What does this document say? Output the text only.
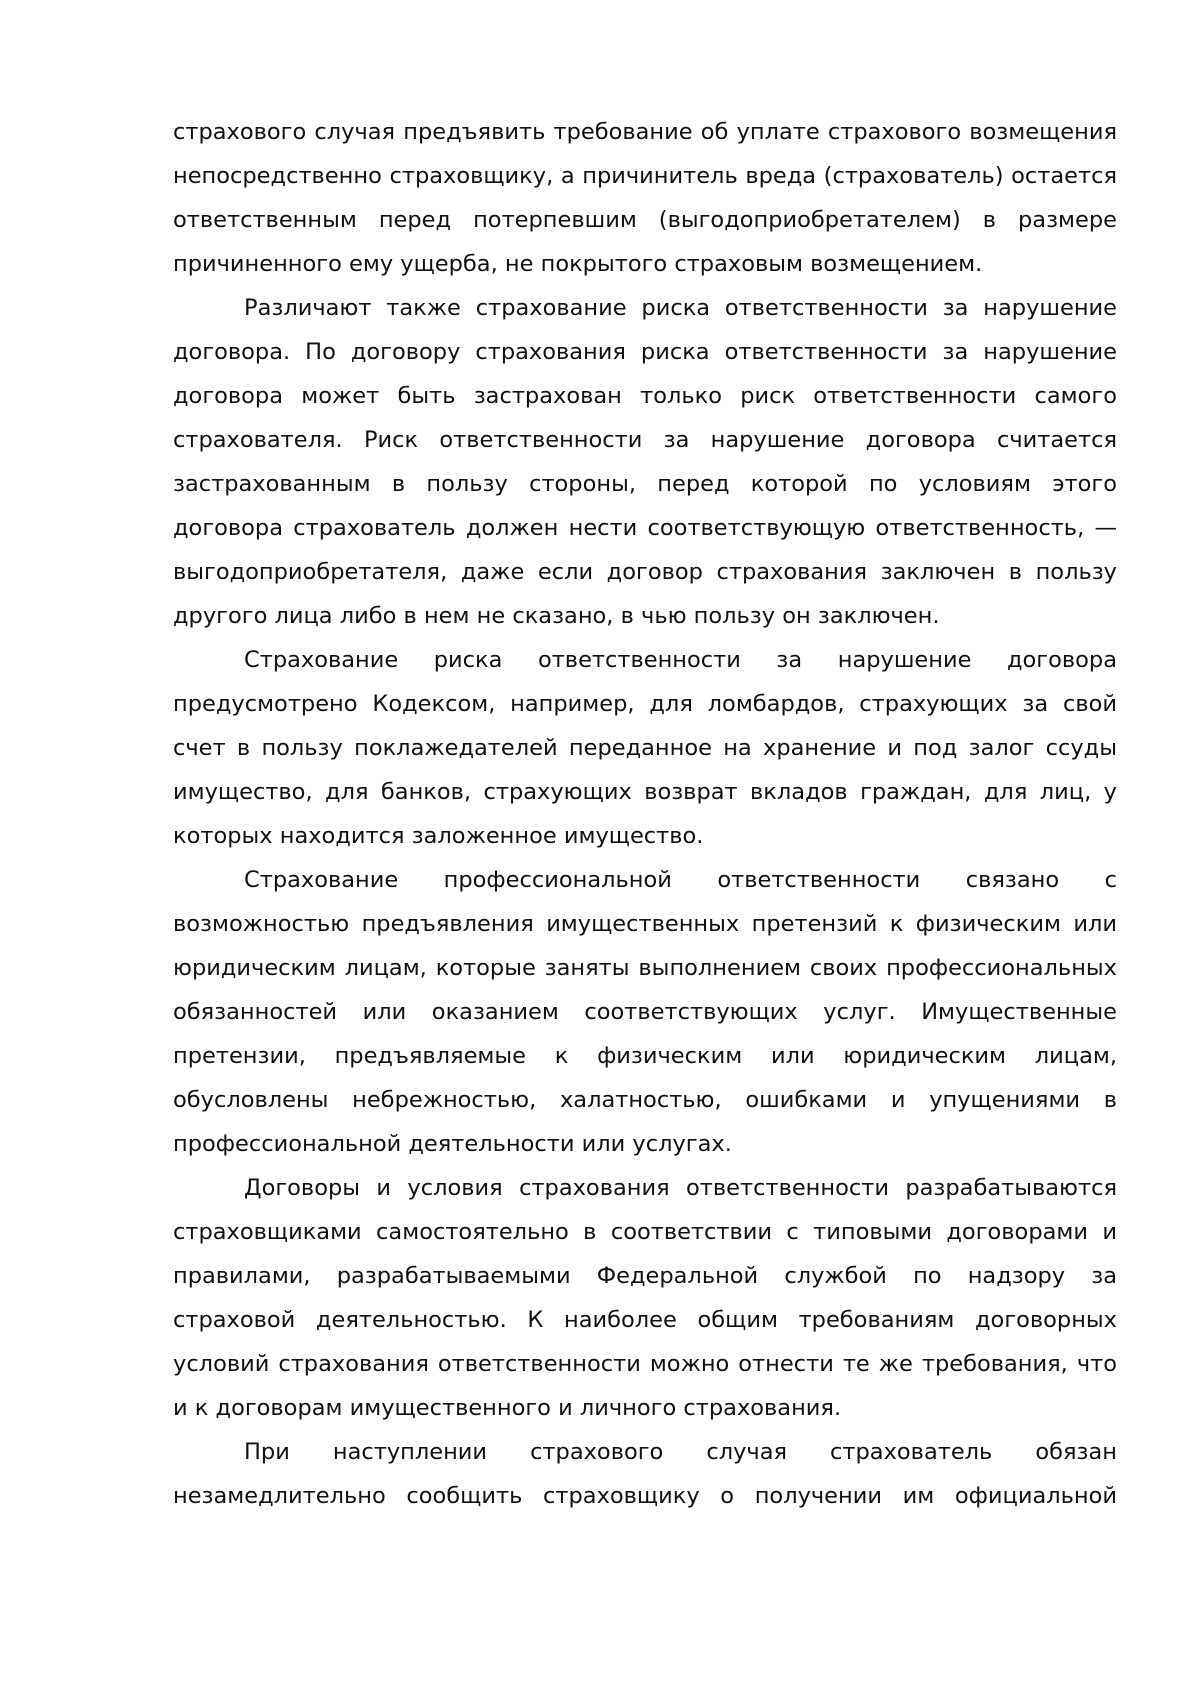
страхового случая предъявить требование об уплате страхового возмещения непосредственно страховщику, а причинитель вреда (страхователь) остается ответственным перед потерпевшим (выгодоприобретателем) в размере причиненного ему ущерба, не покрытого страховым возмещением.

Различают также страхование риска ответственности за нарушение договора. По договору страхования риска ответственности за нарушение договора может быть застрахован только риск ответственности самого страхователя. Риск ответственности за нарушение договора считается застрахованным в пользу стороны, перед которой по условиям этого договора страхователь должен нести соответствующую ответственность, — выгодоприобретателя, даже если договор страхования заключен в пользу другого лица либо в нем не сказано, в чью пользу он заключен.

Страхование риска ответственности за нарушение договора предусмотрено Кодексом, например, для ломбардов, страхующих за свой счет в пользу поклажедателей переданное на хранение и под залог ссуды имущество, для банков, страхующих возврат вкладов граждан, для лиц, у которых находится заложенное имущество.

Страхование профессиональной ответственности связано с возможностью предъявления имущественных претензий к физическим или юридическим лицам, которые заняты выполнением своих профессиональных обязанностей или оказанием соответствующих услуг. Имущественные претензии, предъявляемые к физическим или юридическим лицам, обусловлены небрежностью, халатностью, ошибками и упущениями в профессиональной деятельности или услугах.

Договоры и условия страхования ответственности разрабатываются страховщиками самостоятельно в соответствии с типовыми договорами и правилами, разрабатываемыми Федеральной службой по надзору за страховой деятельностью. К наиболее общим требованиям договорных условий страхования ответственности можно отнести те же требования, что и к договорам имущественного и личного страхования.

При наступлении страхового случая страхователь обязан незамедлительно сообщить страховщику о получении им официальной
